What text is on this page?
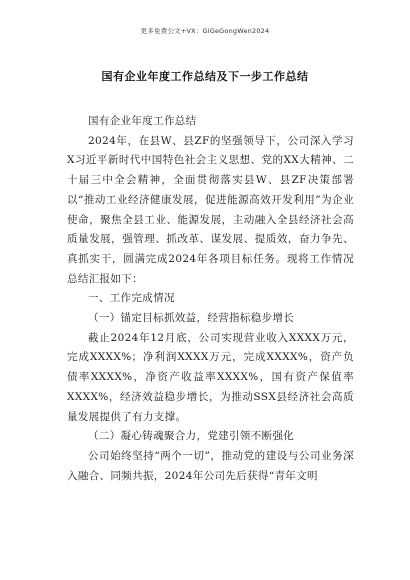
更多免费公文+VX：GiGeGongWen2024
国有企业年度工作总结及下一步工作总结

国有企业年度工作总结

2024年，在县W、县ZF的坚强领导下，公司深入学习X习近平新时代中国特色社会主义思想、党的XX大精神、二十届三中全会精神，全面贯彻落实县W、县ZF决策部署以“推动工业经济健康发展，促进能源高效开发利用”为企业使命，聚焦全县工业、能源发展，主动融入全县经济社会高质量发展，强管理、抓改革、谋发展、提质效，奋力争先、真抓实干，圆满完成2024年各项目标任务。现将工作情况总结汇报如下：

一、工作完成情况

（一）锚定目标抓效益，经营指标稳步增长

截止2024年12月底，公司实现营业收入XXXX万元，完成XXXX%；净利润XXXX万元，完成XXXX%，资产负债率XXXX%，净资产收益率XXXX%，国有资产保值率XXXX%，经济效益稳步增长，为推动SSX县经济社会高质量发展提供了有力支撑。

（二）凝心铸魂聚合力，党建引领不断强化

公司始终坚持“两个一切”，推动党的建设与公司业务深入融合、同频共振，2024年公司先后获得“青年文明
